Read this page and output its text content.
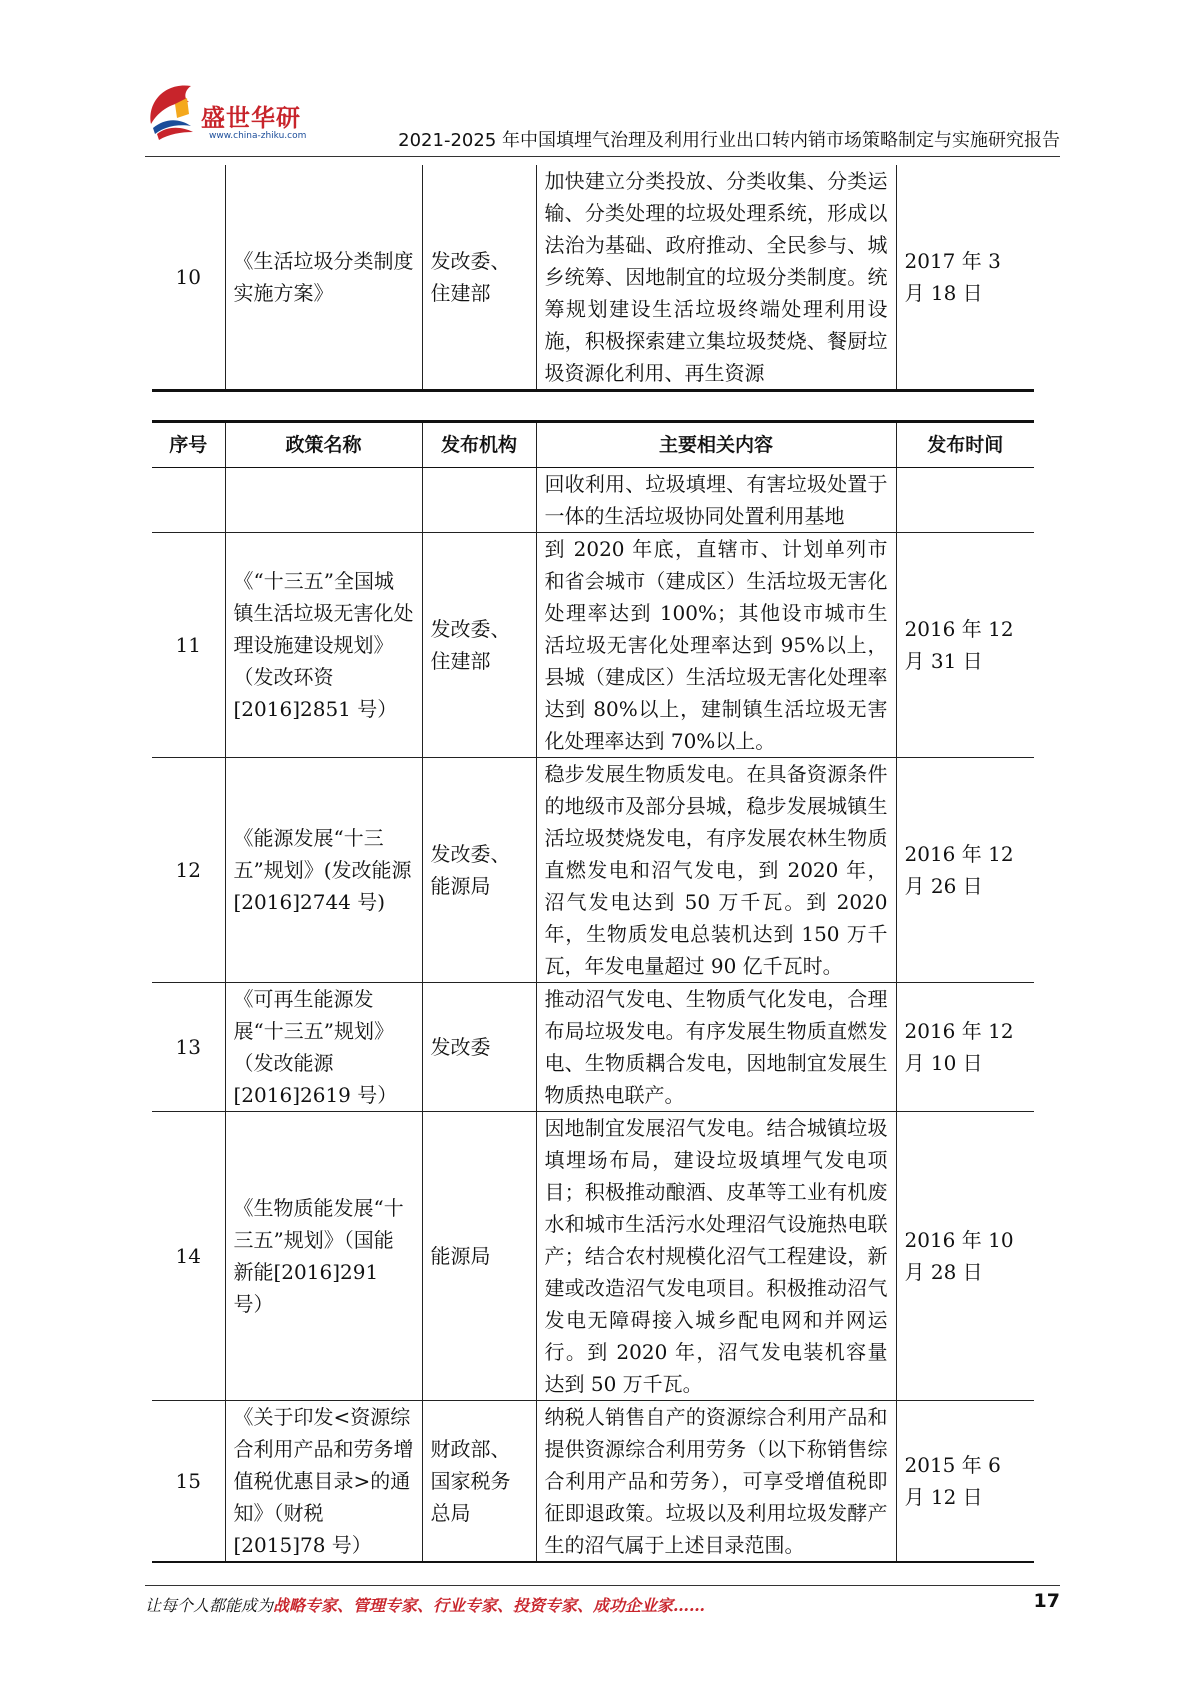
盛世华研
www.china-zhiku.com	2021-2025 年中国填埋气治理及利用行业出口转内销市场策略制定与实施研究报告
10	《生活垃圾分类制度实施方案》	发改委、住建部	加快建立分类投放、分类收集、分类运输、分类处理的垃圾处理系统，形成以法治为基础、政府推动、全民参与、城乡统筹、因地制宜的垃圾分类制度。统筹规划建设生活垃圾终端处理利用设施，积极探索建立集垃圾焚烧、餐厨垃圾资源化利用、再生资源	2017 年 3 月 18 日
序号	政策名称	发布机构	主要相关内容	发布时间
			回收利用、垃圾填埋、有害垃圾处置于一体的生活垃圾协同处置利用基地	
11	《“十三五”全国城镇生活垃圾无害化处理设施建设规划》（发改环资[2016]2851 号）	发改委、住建部	到 2020 年底，直辖市、计划单列市和省会城市（建成区）生活垃圾无害化处理率达到 100%；其他设市城市生活垃圾无害化处理率达到 95%以上，县城（建成区）生活垃圾无害化处理率达到 80%以上，建制镇生活垃圾无害化处理率达到 70%以上。	2016 年 12 月 31 日
12	《能源发展“十三五”规划》(发改能源[2016]2744 号)	发改委、能源局	稳步发展生物质发电。在具备资源条件的地级市及部分县城，稳步发展城镇生活垃圾焚烧发电，有序发展农林生物质直燃发电和沼气发电，到 2020 年，沼气发电达到 50 万千瓦。到 2020 年，生物质发电总装机达到 150 万千瓦，年发电量超过 90 亿千瓦时。	2016 年 12 月 26 日
13	《可再生能源发展“十三五”规划》（发改能源[2016]2619 号）	发改委	推动沼气发电、生物质气化发电，合理布局垃圾发电。有序发展生物质直燃发电、生物质耦合发电，因地制宜发展生物质热电联产。	2016 年 12 月 10 日
14	《生物质能发展“十三五”规划》（国能新能[2016]291 号）	能源局	因地制宜发展沼气发电。结合城镇垃圾填埋场布局，建设垃圾填埋气发电项目；积极推动酿酒、皮革等工业有机废水和城市生活污水处理沼气设施热电联产；结合农村规模化沼气工程建设，新建或改造沼气发电项目。积极推动沼气发电无障碍接入城乡配电网和并网运行。到 2020 年，沼气发电装机容量达到 50 万千瓦。	2016 年 10 月 28 日
15	《关于印发<资源综合利用产品和劳务增值税优惠目录>的通知》（财税[2015]78 号）	财政部、国家税务总局	纳税人销售自产的资源综合利用产品和提供资源综合利用劳务（以下称销售综合利用产品和劳务），可享受增值税即征即退政策。垃圾以及利用垃圾发酵产生的沼气属于上述目录范围。	2015 年 6 月 12 日
让每个人都能成为战略专家、管理专家、行业专家、投资专家、成功企业家……	17
